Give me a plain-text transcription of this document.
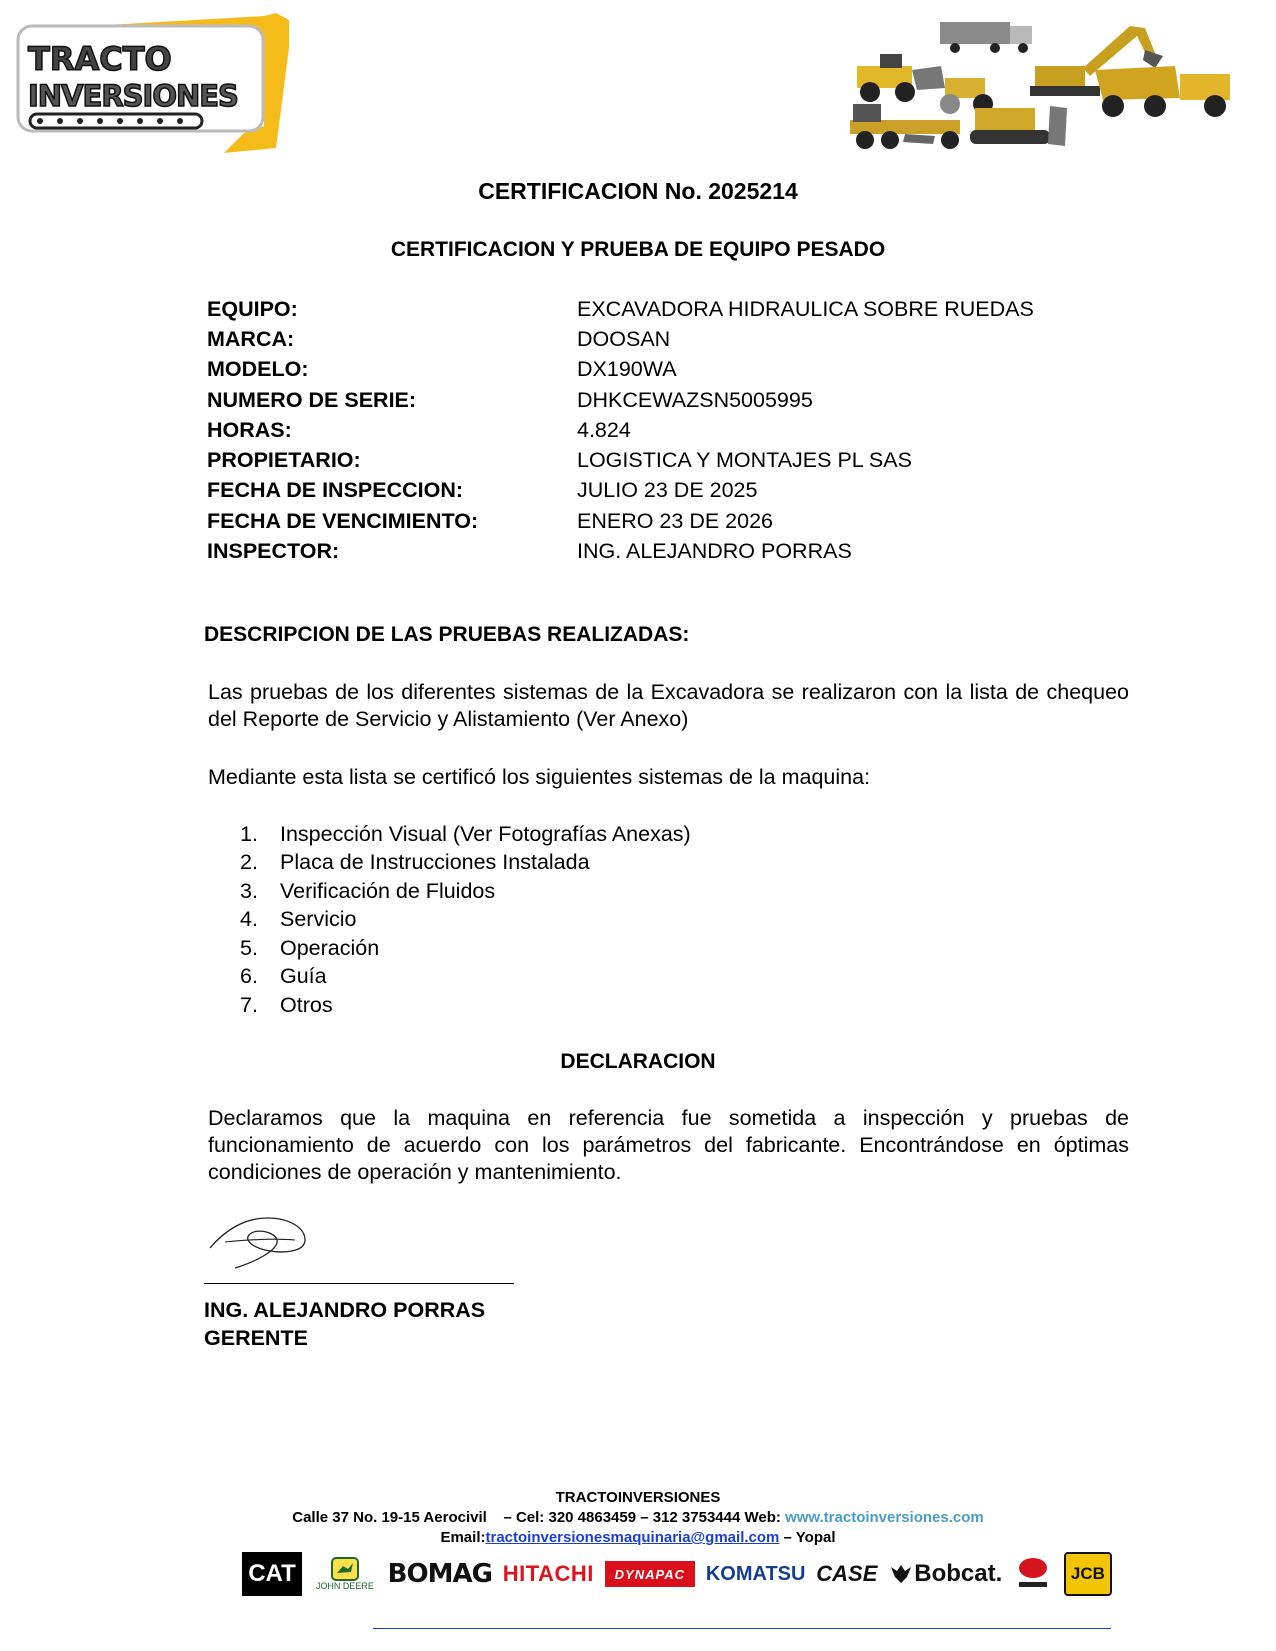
TRACTO
INVERSIONES
CERTIFICACION No. 2025214
CERTIFICACION Y PRUEBA DE EQUIPO PESADO
EQUIPO:	EXCAVADORA HIDRAULICA SOBRE RUEDAS
MARCA:	DOOSAN
MODELO:	DX190WA
NUMERO DE SERIE:	DHKCEWAZSN5005995
HORAS:	4.824
PROPIETARIO:	LOGISTICA Y MONTAJES PL SAS
FECHA DE INSPECCION:	JULIO 23 DE 2025
FECHA DE VENCIMIENTO:	ENERO 23 DE 2026
INSPECTOR:	ING. ALEJANDRO PORRAS
DESCRIPCION DE LAS PRUEBAS REALIZADAS:
Las pruebas de los diferentes sistemas de la Excavadora se realizaron con la lista de chequeo del Reporte de Servicio y Alistamiento (Ver Anexo)
Mediante esta lista se certificó los siguientes sistemas de la maquina:
1.	Inspección Visual (Ver Fotografías Anexas)
2.	Placa de Instrucciones Instalada
3.	Verificación de Fluidos
4.	Servicio
5.	Operación
6.	Guía
7.	Otros
DECLARACION
Declaramos que la maquina en referencia fue sometida a inspección y pruebas de funcionamiento de acuerdo con los parámetros del fabricante. Encontrándose en óptimas condiciones de operación y mantenimiento.
ING. ALEJANDRO PORRAS
GERENTE
TRACTOINVERSIONES
Calle 37 No. 19-15 Aerocivil    – Cel: 320 4863459 – 312 3753444 Web: www.tractoinversiones.com
Email:tractoinversionesmaquinaria@gmail.com – Yopal
CAT	JOHN DEERE BOMAG HITACHI	DYNAPAC	KOMATSU CASE Bobcat.	JCB
